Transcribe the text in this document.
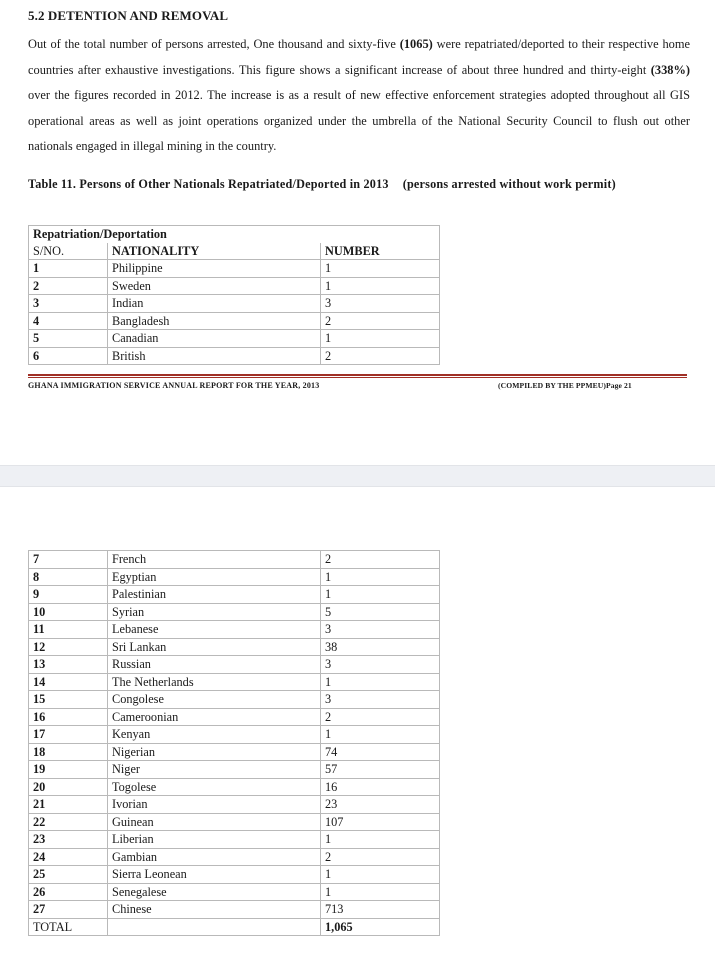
5.2 DETENTION AND REMOVAL
Out of the total number of persons arrested, One thousand and sixty-five (1065) were repatriated/deported to their respective home countries after exhaustive investigations. This figure shows a significant increase of about three hundred and thirty-eight (338%) over the figures recorded in 2012. The increase is as a result of new effective enforcement strategies adopted throughout all GIS operational areas as well as joint operations organized under the umbrella of the National Security Council to flush out other nationals engaged in illegal mining in the country.
Table 11. Persons of Other Nationals Repatriated/Deported in 2013 (persons arrested without work permit)
Repatriation/Deportation		
S/NO.	NATIONALITY	NUMBER
1	Philippine	1
2	Sweden	1
3	Indian	3
4	Bangladesh	2
5	Canadian	1
6	British	2
GHANA IMMIGRATION SERVICE ANNUAL REPORT FOR THE YEAR, 2013	(COMPILED BY THE PPMEU)Page 21
7	French	2
8	Egyptian	1
9	Palestinian	1
10	Syrian	5
11	Lebanese	3
12	Sri Lankan	38
13	Russian	3
14	The Netherlands	1
15	Congolese	3
16	Cameroonian	2
17	Kenyan	1
18	Nigerian	74
19	Niger	57
20	Togolese	16
21	Ivorian	23
22	Guinean	107
23	Liberian	1
24	Gambian	2
25	Sierra Leonean	1
26	Senegalese	1
27	Chinese	713
TOTAL		1,065
